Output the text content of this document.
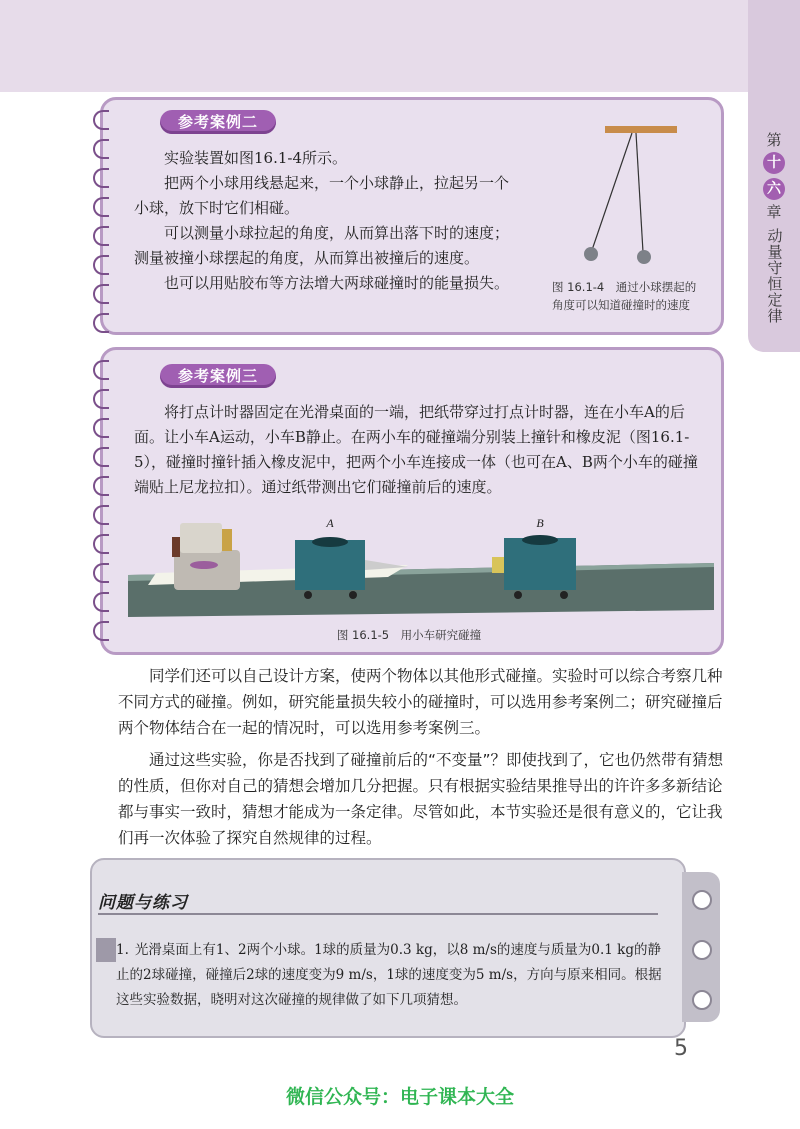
第
十
六
章
动量守恒定律
参考案例二

实验装置如图16.1-4所示。

把两个小球用线悬起来，一个小球静止，拉起另一个小球，放下时它们相碰。

可以测量小球拉起的角度，从而算出落下时的速度；测量被撞小球摆起的角度，从而算出被撞后的速度。

也可以用贴胶布等方法增大两球碰撞时的能量损失。	图 16.1-4　通过小球摆起的
角度可以知道碰撞时的速度
参考案例三
将打点计时器固定在光滑桌面的一端，把纸带穿过打点计时器，连在小车A的后面。让小车A运动，小车B静止。在两小车的碰撞端分别装上撞针和橡皮泥（图16.1-5），碰撞时撞针插入橡皮泥中，把两个小车连接成一体（也可在A、B两个小车的碰撞端贴上尼龙拉扣）。通过纸带测出它们碰撞前后的速度。
A	B
图 16.1-5　用小车研究碰撞

同学们还可以自己设计方案，使两个物体以其他形式碰撞。实验时可以综合考察几种不同方式的碰撞。例如，研究能量损失较小的碰撞时，可以选用参考案例二；研究碰撞后两个物体结合在一起的情况时，可以选用参考案例三。

通过这些实验，你是否找到了碰撞前后的“不变量”？即使找到了，它也仍然带有猜想的性质，但你对自己的猜想会增加几分把握。只有根据实验结果推导出的许许多多新结论都与事实一致时，猜想才能成为一条定律。尽管如此，本节实验还是很有意义的，它让我们再一次体验了探究自然规律的过程。

问题与练习
1. 光滑桌面上有1、2两个小球。1球的质量为0.3 kg，以8 m/s的速度与质量为0.1 kg的静止的2球碰撞，碰撞后2球的速度变为9 m/s，1球的速度变为5 m/s，方向与原来相同。根据这些实验数据，晓明对这次碰撞的规律做了如下几项猜想。
5
微信公众号：电子课本大全
